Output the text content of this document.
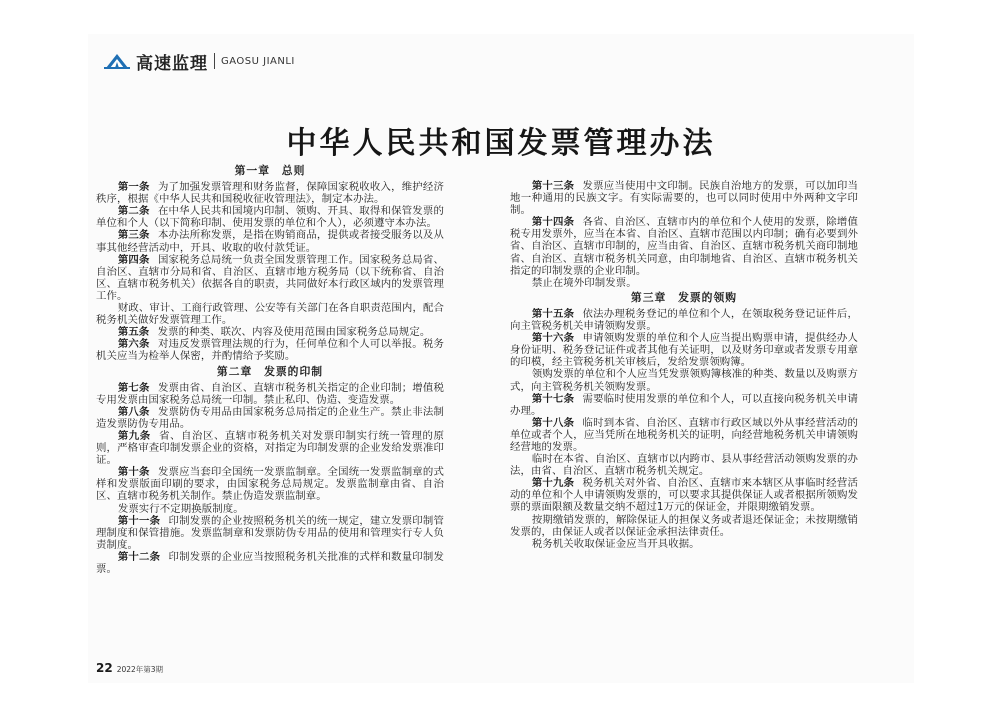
高速监理 GAOSU JIANLI
中华人民共和国发票管理办法
第一章　总则

第一条 为了加强发票管理和财务监督，保障国家税收收入，维护经济秩序，根据《中华人民共和国税收征收管理法》，制定本办法。

第二条 在中华人民共和国境内印制、领购、开具、取得和保管发票的单位和个人（以下简称印制、使用发票的单位和个人），必须遵守本办法。

第三条 本办法所称发票，是指在购销商品，提供或者接受服务以及从事其他经营活动中，开具、收取的收付款凭证。

第四条 国家税务总局统一负责全国发票管理工作。国家税务总局省、自治区、直辖市分局和省、自治区、直辖市地方税务局（以下统称省、自治区、直辖市税务机关）依据各自的职责，共同做好本行政区域内的发票管理工作。

财政、审计、工商行政管理、公安等有关部门在各自职责范围内，配合税务机关做好发票管理工作。

第五条 发票的种类、联次、内容及使用范围由国家税务总局规定。

第六条 对违反发票管理法规的行为，任何单位和个人可以举报。税务机关应当为检举人保密，并酌情给予奖励。

第二章　发票的印制

第七条 发票由省、自治区、直辖市税务机关指定的企业印制；增值税专用发票由国家税务总局统一印制。禁止私印、伪造、变造发票。

第八条 发票防伪专用品由国家税务总局指定的企业生产。禁止非法制造发票防伪专用品。

第九条 省、自治区、直辖市税务机关对发票印制实行统一管理的原则，严格审查印制发票企业的资格，对指定为印制发票的企业发给发票准印证。

第十条 发票应当套印全国统一发票监制章。全国统一发票监制章的式样和发票版面印刷的要求，由国家税务总局规定。发票监制章由省、自治区、直辖市税务机关制作。禁止伪造发票监制章。

发票实行不定期换版制度。

第十一条 印制发票的企业按照税务机关的统一规定，建立发票印制管理制度和保管措施。发票监制章和发票防伪专用品的使用和管理实行专人负责制度。

第十二条 印制发票的企业应当按照税务机关批准的式样和数量印制发票。

第十三条 发票应当使用中文印制。民族自治地方的发票，可以加印当地一种通用的民族文字。有实际需要的，也可以同时使用中外两种文字印制。

第十四条 各省、自治区、直辖市内的单位和个人使用的发票，除增值税专用发票外，应当在本省、自治区、直辖市范围以内印制；确有必要到外省、自治区、直辖市印制的，应当由省、自治区、直辖市税务机关商印制地省、自治区、直辖市税务机关同意，由印制地省、自治区、直辖市税务机关指定的印制发票的企业印制。

禁止在境外印制发票。

第三章　发票的领购

第十五条 依法办理税务登记的单位和个人，在领取税务登记证件后，向主管税务机关申请领购发票。

第十六条 申请领购发票的单位和个人应当提出购票申请，提供经办人身份证明、税务登记证件或者其他有关证明，以及财务印章或者发票专用章的印模，经主管税务机关审核后，发给发票领购簿。

领购发票的单位和个人应当凭发票领购簿核准的种类、数量以及购票方式，向主管税务机关领购发票。

第十七条 需要临时使用发票的单位和个人，可以直接向税务机关申请办理。

第十八条 临时到本省、自治区、直辖市行政区域以外从事经营活动的单位或者个人，应当凭所在地税务机关的证明，向经营地税务机关申请领购经营地的发票。

临时在本省、自治区、直辖市以内跨市、县从事经营活动领购发票的办法，由省、自治区、直辖市税务机关规定。

第十九条 税务机关对外省、自治区、直辖市来本辖区从事临时经营活动的单位和个人申请领购发票的，可以要求其提供保证人或者根据所领购发票的票面限额及数量交纳不超过1万元的保证金，并限期缴销发票。

按期缴销发票的，解除保证人的担保义务或者退还保证金；未按期缴销发票的，由保证人或者以保证金承担法律责任。

税务机关收取保证金应当开具收据。

22 2022年第3期
